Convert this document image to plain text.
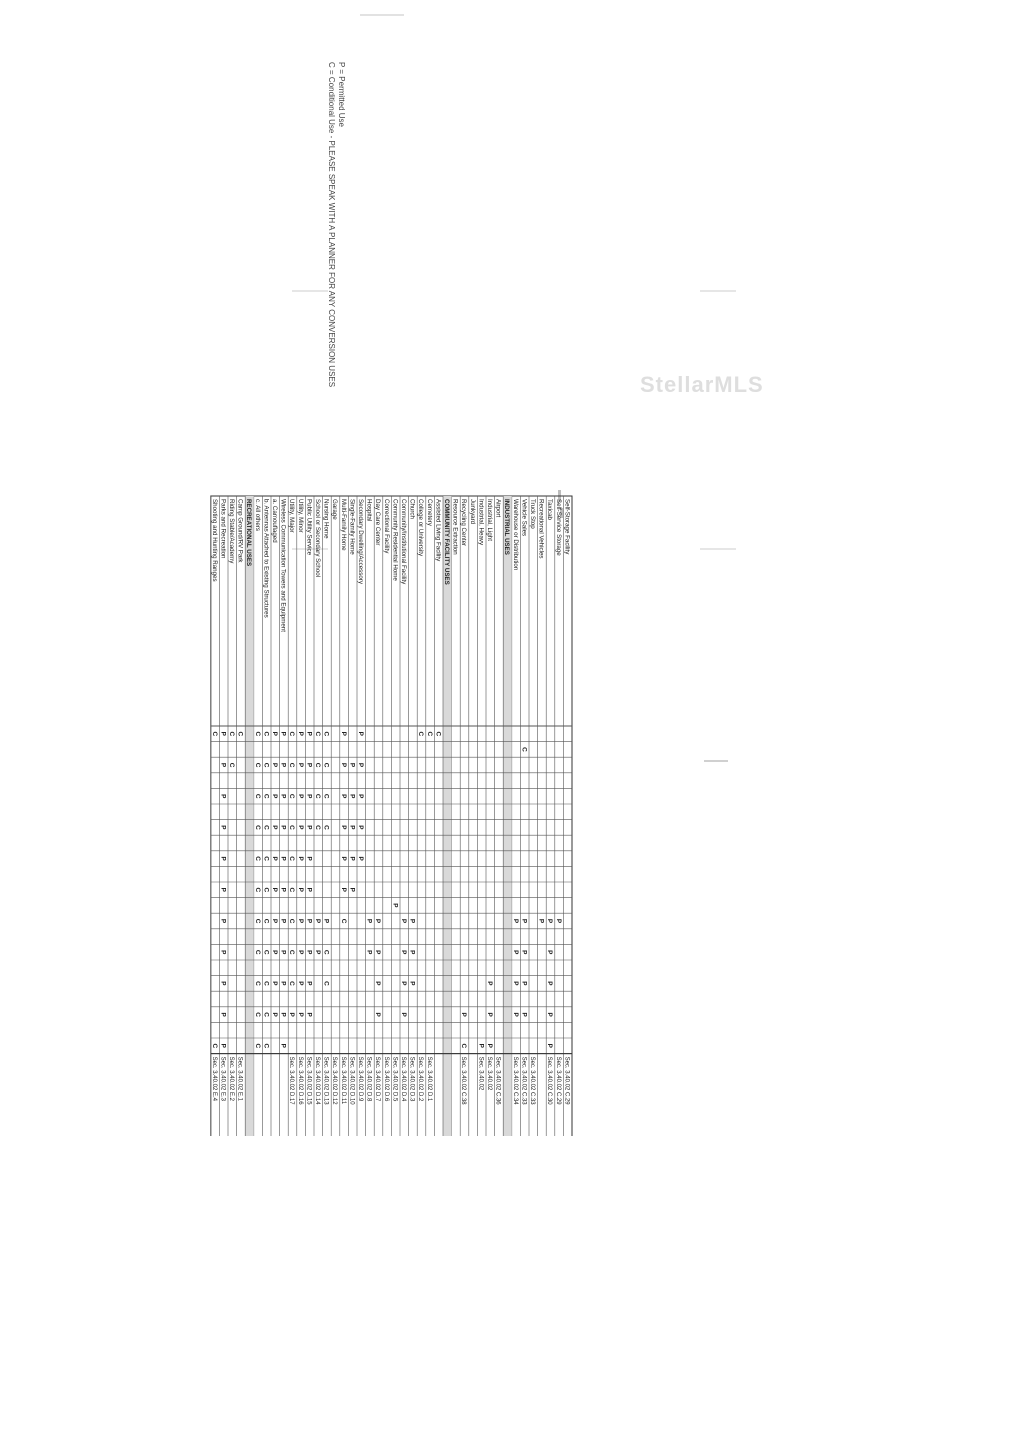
Self-Storage Facility
Sec. 3.40.02 C.29
Self-Service Storage
P
Sec. 3.40.02 C.29
Taxicab
P
P
P
P
P
Sec. 3.40.02 C.30
Recreational Vehicles
P
Truck Stop
Sec. 3.40.02 C.33
Vehicle Sales
C
P
P
P
P
Sec. 3.40.02 C.33
Warehouse or Distribution
P
P
P
P
Sec. 3.40.02 C.34
INDUSTRIAL USES
Airport
Sec. 3.40.02 C.36
Industrial, Light
P
P
P
Sec. 3.40.02
Industrial, Heavy
P
Sec. 3.40.02
Junkyard
Recycling Center
P
C
Sec. 3.40.02 C.38
Resource Extraction
COMMUNITY FACILITY USES
Assisted Living Facility
C
Cemetery
C
Sec. 3.40.02 D.1
College or University
C
Sec. 3.40.02 D.2
Church
P
P
P
Sec. 3.40.02 D.3
Community/Institutional Facility
P
P
P
P
Sec. 3.40.02 D.4
Community Residential Home
P
Sec. 3.40.02 D.5
Correctional Facility
Sec. 3.40.02 D.6
Day Care Center
P
P
P
P
Sec. 3.40.02 D.7
Hospital
P
P
Sec. 3.40.02 D.8
Secondary Dwelling/Accessory
P
P
P
P
P
Sec. 3.40.02 D.9
Single-Family Home
P
P
P
P
P
Sec. 3.40.02 D.10
Multi-Family Home
P
P
P
P
P
P
C
Sec. 3.40.02 D.11
Garage
Sec. 3.40.02 D.12
Nursing Home
C
C
C
C
P
C
C
Sec. 3.40.02 D.13
School or Secondary School
C
C
C
C
P
P
Sec. 3.40.02 D.14
Public Utility Service
P
P
P
P
P
P
P
P
P
P
Sec. 3.40.02 D.15
Utility, Minor
P
P
P
P
P
P
P
P
P
P
Sec. 3.40.02 D.16
Utility, Major
C
C
C
C
C
C
C
C
C
P
Sec. 3.40.02 D.17
Wireless Communication Towers and Equipment
P
P
P
P
P
P
P
P
P
P
P
a. Camouflaged
P
P
P
P
P
P
P
P
P
P
b. Antennas Attached to Existing Structures
C
C
C
C
C
C
C
C
C
C
C
c. All others
C
C
C
C
C
C
C
C
C
C
C
RECREATIONAL USES
Camp Ground/RV Park
C
Sec. 3.40.02 E.1
Riding Stable/Academy
C
C
Sec. 3.40.02 E.2
Parks and Recreation
P
P
P
P
P
P
P
P
P
P
P
Sec. 3.40.02 E.3
Shooting and Hunting Ranges
C
C
Sec. 3.40.02 E.4
StellarMLS
P = Permitted Use
C = Conditional Use - PLEASE SPEAK WITH A PLANNER FOR ANY CONVERSION USES
